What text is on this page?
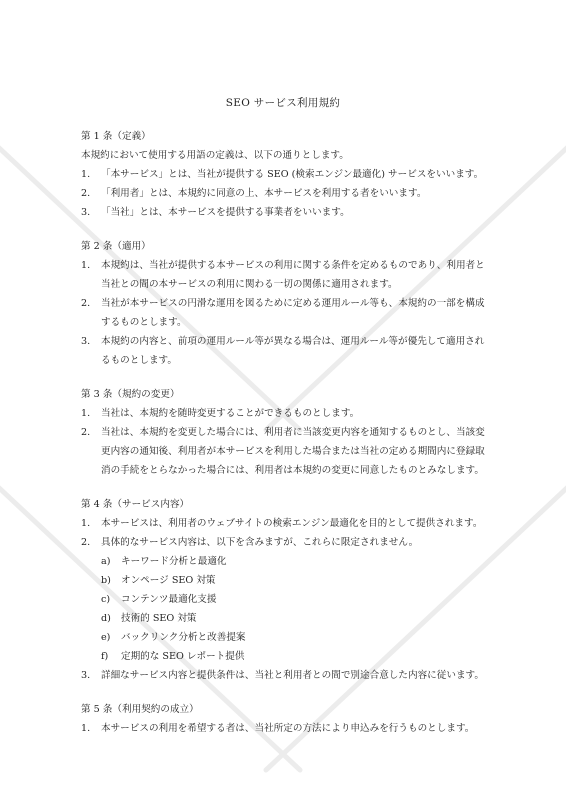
SEO サービス利用規約

第 1 条（定義）

本規約において使用する用語の定義は、以下の通りとします。

1.	「本サービス」とは、当社が提供する SEO (検索エンジン最適化) サービスをいいます。
2.	「利用者」とは、本規約に同意の上、本サービスを利用する者をいいます。
3.	「当社」とは、本サービスを提供する事業者をいいます。

第 2 条（適用）

1.	本規約は、当社が提供する本サービスの利用に関する条件を定めるものであり、利用者と当社との間の本サービスの利用に関わる一切の関係に適用されます。
2.	当社が本サービスの円滑な運用を図るために定める運用ルール等も、本規約の一部を構成するものとします。
3.	本規約の内容と、前項の運用ルール等が異なる場合は、運用ルール等が優先して適用されるものとします。

第 3 条（規約の変更）

1.	当社は、本規約を随時変更することができるものとします。
2.	当社は、本規約を変更した場合には、利用者に当該変更内容を通知するものとし、当該変更内容の通知後、利用者が本サービスを利用した場合または当社の定める期間内に登録取消の手続をとらなかった場合には、利用者は本規約の変更に同意したものとみなします。

第 4 条（サービス内容）

1.	本サービスは、利用者のウェブサイトの検索エンジン最適化を目的として提供されます。
2.	具体的なサービス内容は、以下を含みますが、これらに限定されません。
a)	キーワード分析と最適化
b)	オンページ SEO 対策
c)	コンテンツ最適化支援
d)	技術的 SEO 対策
e)	バックリンク分析と改善提案
f)	定期的な SEO レポート提供
3.	詳細なサービス内容と提供条件は、当社と利用者との間で別途合意した内容に従います。

第 5 条（利用契約の成立）

1.	本サービスの利用を希望する者は、当社所定の方法により申込みを行うものとします。
